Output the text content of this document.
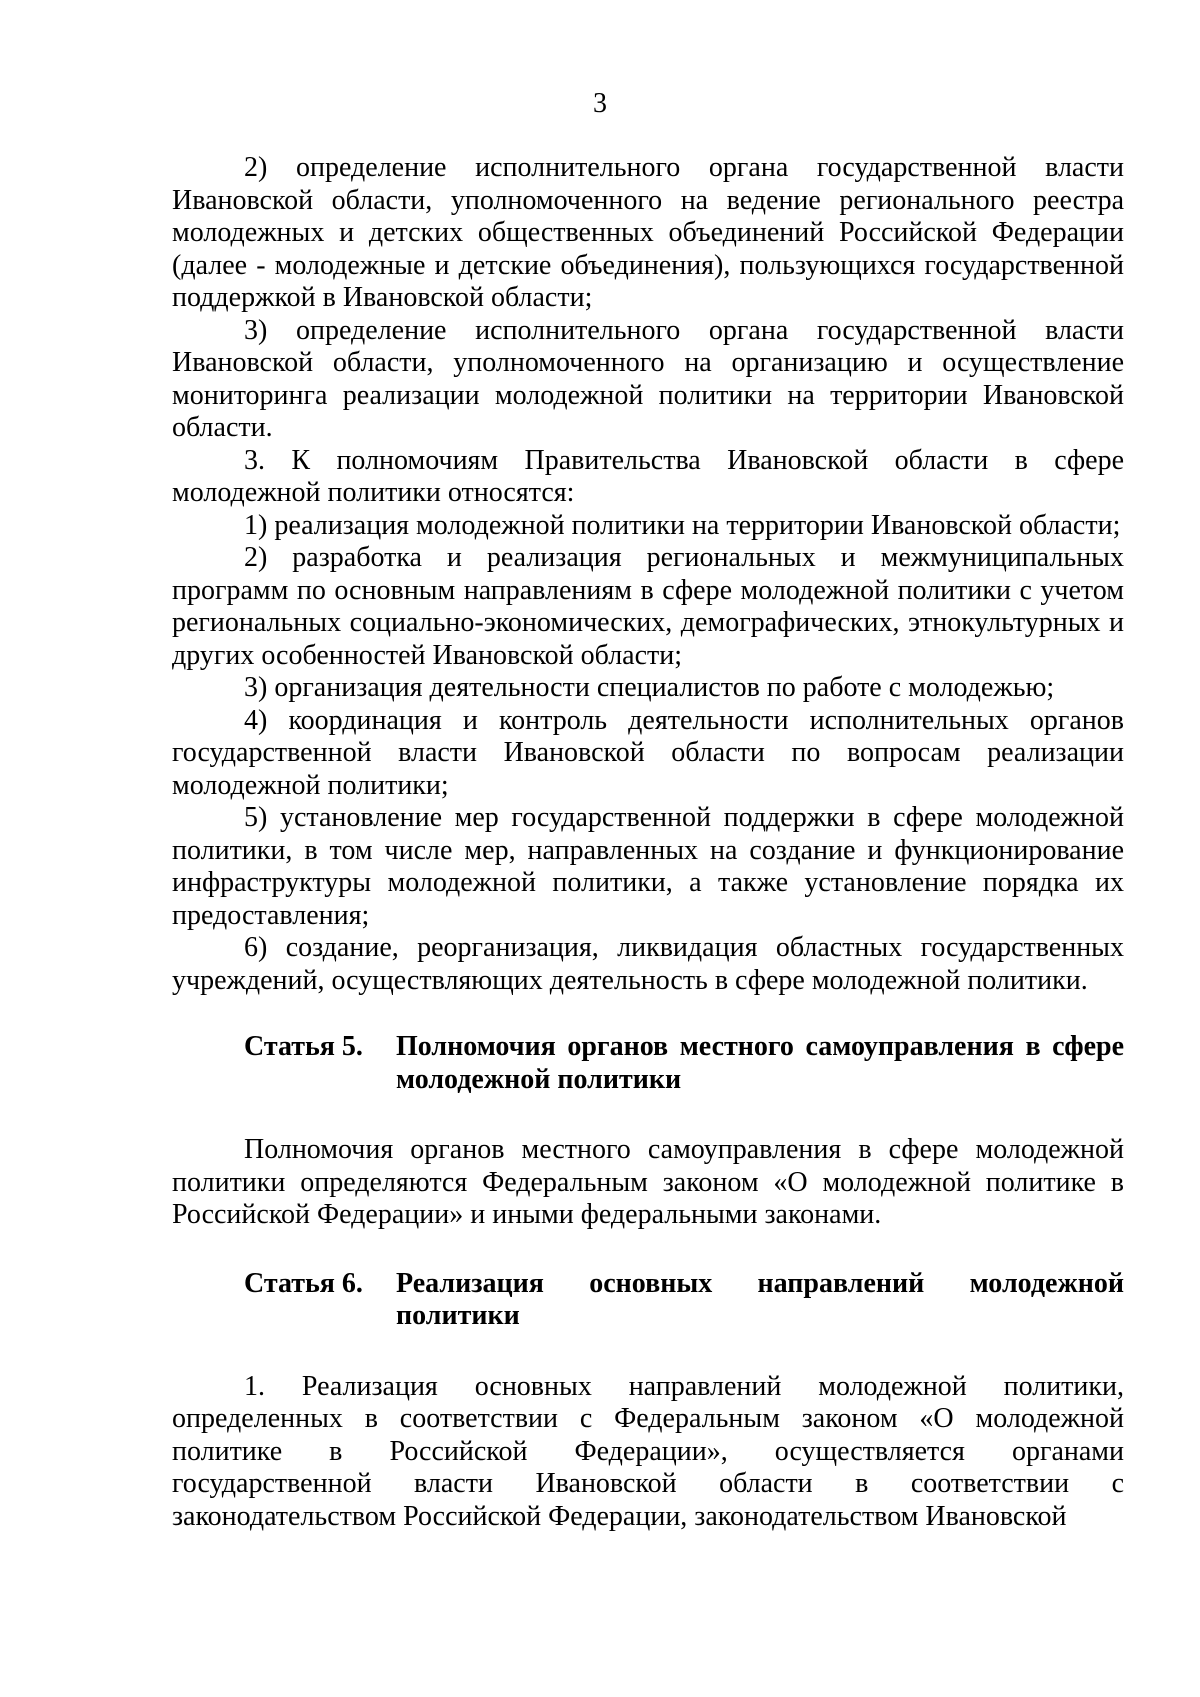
3

2) определение исполнительного органа государственной власти Ивановской области, уполномоченного на ведение регионального реестра молодежных и детских общественных объединений Российской Федерации (далее - молодежные и детские объединения), пользующихся государственной поддержкой в Ивановской области;

3) определение исполнительного органа государственной власти Ивановской области, уполномоченного на организацию и осуществление мониторинга реализации молодежной политики на территории Ивановской области.

3. К полномочиям Правительства Ивановской области в сфере молодежной политики относятся:

1) реализация молодежной политики на территории Ивановской области;

2) разработка и реализация региональных и межмуниципальных программ по основным направлениям в сфере молодежной политики с учетом региональных социально-экономических, демографических, этнокультурных и других особенностей Ивановской области;

3) организация деятельности специалистов по работе с молодежью;

4) координация и контроль деятельности исполнительных органов государственной власти Ивановской области по вопросам реализации молодежной политики;

5) установление мер государственной поддержки в сфере молодежной политики, в том числе мер, направленных на создание и функционирование инфраструктуры молодежной политики, а также установление порядка их предоставления;

6) создание, реорганизация, ликвидация областных государственных учреждений, осуществляющих деятельность в сфере молодежной политики.

Статья 5.	Полномочия органов местного самоуправления в сфере молодежной политики

Полномочия органов местного самоуправления в сфере молодежной политики определяются Федеральным законом «О молодежной политике в Российской Федерации» и иными федеральными законами.

Статья 6.	Реализация основных направлений молодежной политики

1. Реализация основных направлений молодежной политики, определенных в соответствии с Федеральным законом «О молодежной политике в Российской Федерации», осуществляется органами государственной власти Ивановской области в соответствии с законодательством Российской Федерации, законодательством Ивановской
